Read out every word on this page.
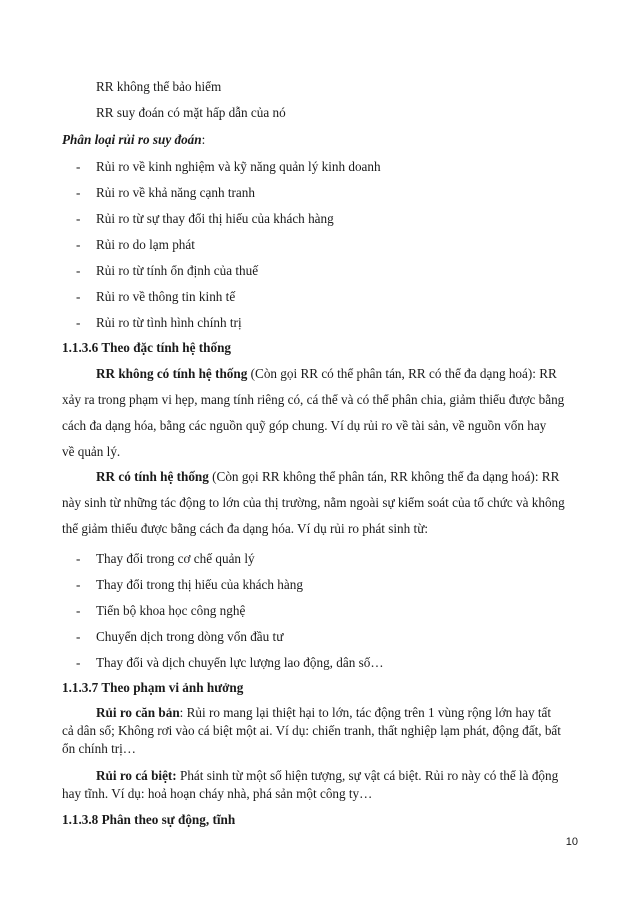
RR không thể bảo hiểm
RR suy đoán có mặt hấp dẫn của nó
Phân loại rủi ro suy đoán:
- Rủi ro về kinh nghiệm và kỹ năng quản lý kinh doanh
- Rủi ro về khả năng cạnh tranh
- Rủi ro từ sự thay đổi thị hiếu của khách hàng
- Rủi ro do lạm phát
- Rủi ro từ tính ổn định của thuế
- Rủi ro về thông tin kinh tế
- Rủi ro từ tình hình chính trị
1.1.3.6 Theo đặc tính hệ thống
RR không có tính hệ thống (Còn gọi RR có thể phân tán, RR có thể đa dạng hoá): RR
xảy ra trong phạm vi hẹp, mang tính riêng có, cá thể và có thể phân chia, giảm thiểu được bằng
cách đa dạng hóa, bằng các nguồn quỹ góp chung. Ví dụ rủi ro về tài sản, về nguồn vốn hay
về quản lý.
RR có tính hệ thống (Còn gọi RR không thể phân tán, RR không thể đa dạng hoá): RR
này sinh từ những tác động to lớn của thị trường, nằm ngoài sự kiểm soát của tổ chức và không
thể giảm thiểu được bằng cách đa dạng hóa. Ví dụ rủi ro phát sinh từ:
- Thay đổi trong cơ chế quản lý
- Thay đổi trong thị hiếu của khách hàng
- Tiến bộ khoa học công nghệ
- Chuyển dịch trong dòng vốn đầu tư
- Thay đổi và dịch chuyển lực lượng lao động, dân số…
1.1.3.7 Theo phạm vi ảnh hưởng
Rủi ro căn bản: Rủi ro mang lại thiệt hại to lớn, tác động trên 1 vùng rộng lớn hay tất
cả dân số; Không rơi vào cá biệt một ai. Ví dụ: chiến tranh, thất nghiệp lạm phát, động đất, bất
ổn chính trị…
Rủi ro cá biệt: Phát sinh từ một số hiện tượng, sự vật cá biệt. Rủi ro này có thể là động
hay tĩnh. Ví dụ: hoả hoạn cháy nhà, phá sản một công ty…
1.1.3.8 Phân theo sự động, tĩnh
10
